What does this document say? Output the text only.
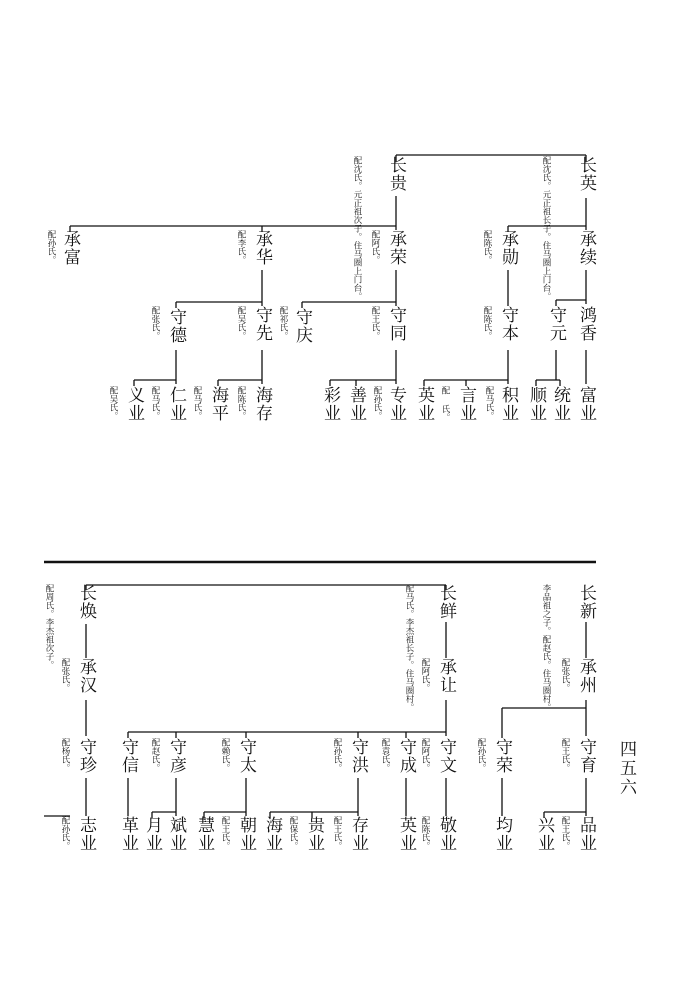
长英
配沈氏。元正祖长子。住马圈上门台。
长贵
配沈氏。元正祖次子。住马圈上门台。	承续
承勋
配陈氏。
承荣
配阿氏。
承华
配李氏。
承富
配孙氏。
鸿香
守元
守本
配陈氏。
守同
配王氏。
守庆
配祁氏。
守先
配吴氏。
守德
配张氏。
富业
统业
顺业
积业
配马氏。
言业
配 氏。
英业
专业
配孙氏。
善业
彩业
海存
配陈氏。
海平
配马氏。
仁业
配马氏。
义业
配吴氏。
长新
李品祖之子。配赵氏。住马圈村。
长鲜
配马氏。李杰祖长子。住马圈村。
长焕
配周氏。李杰祖次子。
承州
配张氏。
承让
配阿氏。
承汉
配张氏。
守育
配王氏。
守荣
配孙氏。
守文
配阿氏。
守成
配袁氏。
守洪
配孙氏。
守太
配赖氏。
守彦
配赵氏。
守信
守珍
配杨氏。
品业
配王氏。
兴业
均业
敬业
配陈氏。
英业
存业
配王氏。
贵业
配保氏。
海业
朝业
配王氏。
慧业
斌业
月业
革业
志业
配孙氏。
四五六
